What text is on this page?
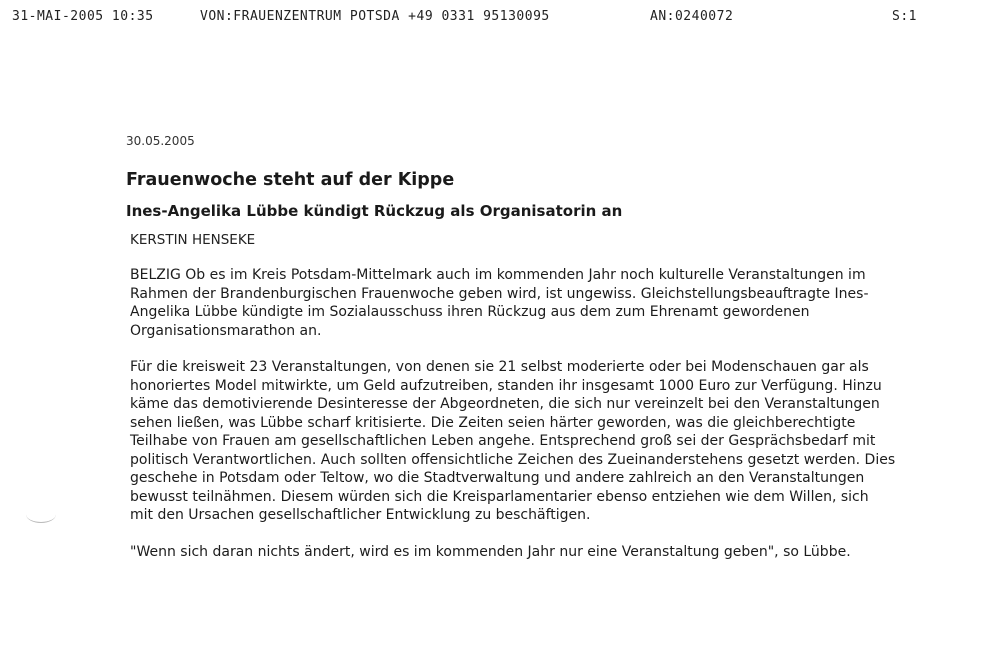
31-MAI-2005 10:35	VON:FRAUENZENTRUM POTSDA +49 0331 95130095	AN:0240072	S:1

30.05.2005

Frauenwoche steht auf der Kippe
Ines-Angelika Lübbe kündigt Rückzug als Organisatorin an

KERSTIN HENSEKE

BELZIG Ob es im Kreis Potsdam-Mittelmark auch im kommenden Jahr noch kulturelle Veranstaltungen im Rahmen der Brandenburgischen Frauenwoche geben wird, ist ungewiss. Gleichstellungsbeauftragte Ines-Angelika Lübbe kündigte im Sozialausschuss ihren Rückzug aus dem zum Ehrenamt gewordenen Organisationsmarathon an.

Für die kreisweit 23 Veranstaltungen, von denen sie 21 selbst moderierte oder bei Modenschauen gar als honoriertes Model mitwirkte, um Geld aufzutreiben, standen ihr insgesamt 1000 Euro zur Verfügung. Hinzu käme das demotivierende Desinteresse der Abgeordneten, die sich nur vereinzelt bei den Veranstaltungen sehen ließen, was Lübbe scharf kritisierte. Die Zeiten seien härter geworden, was die gleichberechtigte Teilhabe von Frauen am gesellschaftlichen Leben angehe. Entsprechend groß sei der Gesprächsbedarf mit politisch Verantwortlichen. Auch sollten offensichtliche Zeichen des Zueinanderstehens gesetzt werden. Dies geschehe in Potsdam oder Teltow, wo die Stadtverwaltung und andere zahlreich an den Veranstaltungen bewusst teilnähmen. Diesem würden sich die Kreisparlamentarier ebenso entziehen wie dem Willen, sich mit den Ursachen gesellschaftlicher Entwicklung zu beschäftigen.

"Wenn sich daran nichts ändert, wird es im kommenden Jahr nur eine Veranstaltung geben", so Lübbe.
